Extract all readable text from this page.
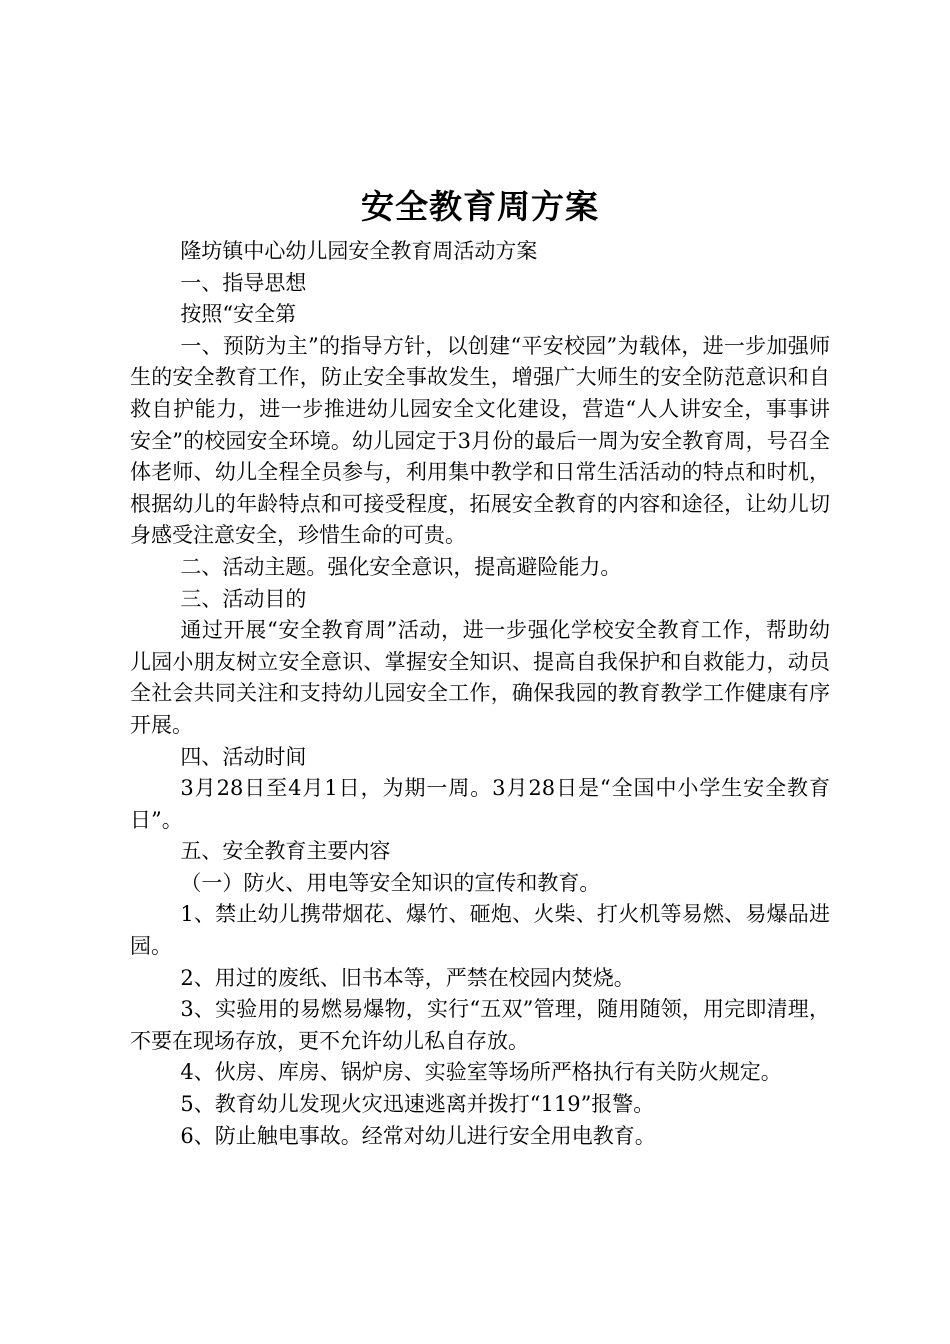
安全教育周方案

隆坊镇中心幼儿园安全教育周活动方案

一、指导思想

按照“安全第

一、预防为主”的指导方针，以创建“平安校园”为载体，进一步加强师生的安全教育工作，防止安全事故发生，增强广大师生的安全防范意识和自救自护能力，进一步推进幼儿园安全文化建设，营造“人人讲安全，事事讲安全”的校园安全环境。幼儿园定于3月份的最后一周为安全教育周，号召全体老师、幼儿全程全员参与，利用集中教学和日常生活活动的特点和时机，根据幼儿的年龄特点和可接受程度，拓展安全教育的内容和途径，让幼儿切身感受注意安全，珍惜生命的可贵。

二、活动主题。强化安全意识，提高避险能力。

三、活动目的

通过开展“安全教育周”活动，进一步强化学校安全教育工作，帮助幼儿园小朋友树立安全意识、掌握安全知识、提高自我保护和自救能力，动员全社会共同关注和支持幼儿园安全工作，确保我园的教育教学工作健康有序开展。

四、活动时间

3月28日至4月1日，为期一周。3月28日是“全国中小学生安全教育日”。

五、安全教育主要内容

（一）防火、用电等安全知识的宣传和教育。

1、禁止幼儿携带烟花、爆竹、砸炮、火柴、打火机等易燃、易爆品进园。

2、用过的废纸、旧书本等，严禁在校园内焚烧。

3、实验用的易燃易爆物，实行“五双”管理，随用随领，用完即清理，不要在现场存放，更不允许幼儿私自存放。

4、伙房、库房、锅炉房、实验室等场所严格执行有关防火规定。

5、教育幼儿发现火灾迅速逃离并拨打“119”报警。

6、防止触电事故。经常对幼儿进行安全用电教育。
